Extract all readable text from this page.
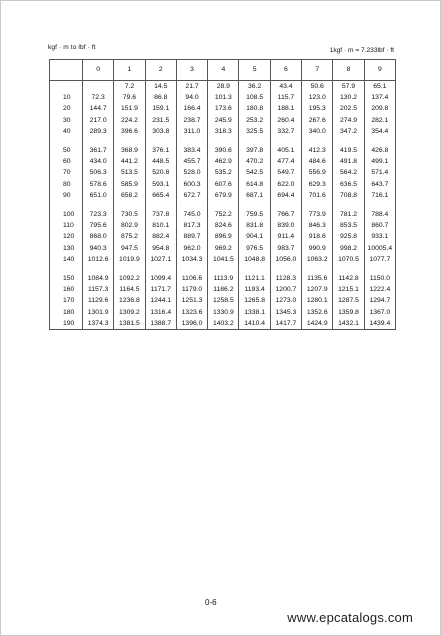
kgf · m to lbf · ft	1kgf · m = 7.233lbf · ft
	0	1	2	3	4	5	6	7	8	9
		7.2	14.5	21.7	28.9	36.2	43.4	50.6	57.9	65.1
10	72.3	79.6	86.8	94.0	101.3	108.5	115.7	123.0	130.2	137.4
20	144.7	151.9	159.1	166.4	173.6	180.8	188.1	195.3	202.5	209.8
30	217.0	224.2	231.5	238.7	245.9	253.2	260.4	267.6	274.9	282.1
40	289.3	396.6	303.8	311.0	318.3	325.5	332.7	340.0	347.2	354.4

50	361.7	368.9	376.1	383.4	390.6	397.8	405.1	412.3	419.5	426.8
60	434.0	441.2	448.5	455.7	462.9	470.2	477.4	484.6	491.8	499.1
70	506.3	513.5	520.8	528.0	535.2	542.5	549.7	556.9	564.2	571.4
80	578.6	585.9	593.1	600.3	607.6	614.8	622.0	629.3	636.5	643.7
90	651.0	658.2	665.4	672.7	679.9	687.1	694.4	701.6	708.8	716.1

100	723.3	730.5	737.8	745.0	752.2	759.5	766.7	773.9	781.2	788.4
110	795.6	802.9	810.1	817.3	824.6	831.8	839.0	846.3	853.5	860.7
120	868.0	875.2	882.4	889.7	896.9	904.1	911.4	918.6	925.8	933.1
130	940.3	947.5	954.8	962.0	969.2	976.5	983.7	990.9	998.2	10005.4
140	1012.6	1019.9	1027.1	1034.3	1041.5	1048.8	1056.0	1063.2	1070.5	1077.7

150	1084.9	1092.2	1099.4	1106.6	1113.9	1121.1	1128.3	1135.6	1142.8	1150.0
160	1157.3	1164.5	1171.7	1179.0	1186.2	1193.4	1200.7	1207.9	1215.1	1222.4
170	1129.6	1236.8	1244.1	1251.3	1258.5	1265.8	1273.0	1280.1	1287.5	1294.7
180	1301.9	1309.2	1316.4	1323.6	1330.9	1338.1	1345.3	1352.6	1359.8	1367.0
190	1374.3	1381.5	1388.7	1396.0	1403.2	1410.4	1417.7	1424.9	1432.1	1439.4
0-6
www.epcatalogs.com
